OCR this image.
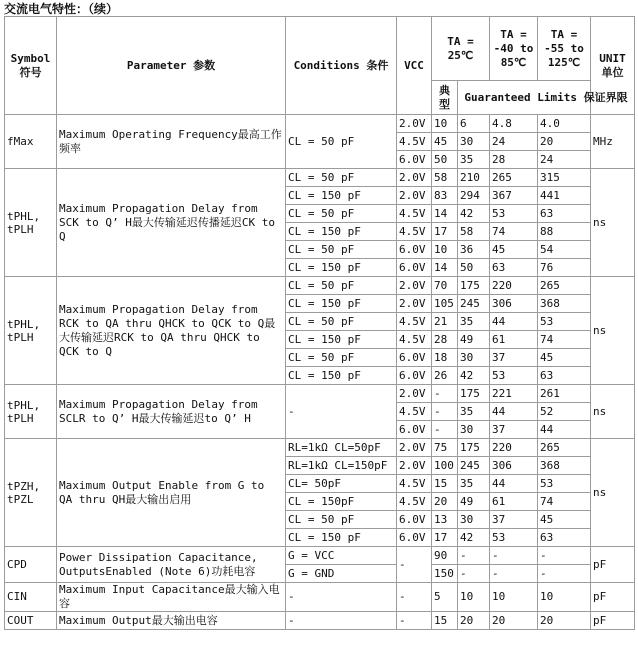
交流电气特性：（续）
Symbol 符号	Parameter 参数	Conditions 条件	VCC	TA = 25℃		TA = -40 to 85℃	TA = -55 to 125℃	UNIT 单位
				典型	Guaranteed Limits 保证界限			
fMax	Maximum Operating Frequency最高工作频率	CL = 50 pF	2.0V	10	6	4.8	4.0	MHz
			4.5V	45	30	24	20	
			6.0V	50	35	28	24	
tPHL, tPLH	Maximum Propagation Delay from SCK to Q’ H最大传输延迟传播延迟CK to Q	CL = 50 pF	2.0V	58	210	265	315	ns
		CL = 150 pF	2.0V	83	294	367	441	
		CL = 50 pF	4.5V	14	42	53	63	
		CL = 150 pF	4.5V	17	58	74	88	
		CL = 50 pF	6.0V	10	36	45	54	
		CL = 150 pF	6.0V	14	50	63	76	
tPHL, tPLH	Maximum Propagation Delay from RCK to QA thru QHCK to QCK to Q最大传输延迟RCK to QA thru QHCK to QCK to Q	CL = 50 pF	2.0V	70	175	220	265	ns
		CL = 150 pF	2.0V	105	245	306	368	
		CL = 50 pF	4.5V	21	35	44	53	
		CL = 150 pF	4.5V	28	49	61	74	
		CL = 50 pF	6.0V	18	30	37	45	
		CL = 150 pF	6.0V	26	42	53	63	
tPHL, tPLH	Maximum Propagation Delay from SCLR to Q’ H最大传输延迟to Q’ H	-	2.0V	-	175	221	261	ns
			4.5V	-	35	44	52	
			6.0V	-	30	37	44	
tPZH, tPZL	Maximum Output Enable from G to QA thru QH最大输出启用	RL=1kΩ CL=50pF	2.0V	75	175	220	265	ns
		RL=1kΩ CL=150pF	2.0V	100	245	306	368	
		CL= 50pF	4.5V	15	35	44	53	
		CL = 150pF	4.5V	20	49	61	74	
		CL = 50 pF	6.0V	13	30	37	45	
		CL = 150 pF	6.0V	17	42	53	63	
CPD	Power Dissipation Capacitance, OutputsEnabled (Note 6)功耗电容	G = VCC	-	90	-	-	-	pF
		G = GND		150	-	-	-	
CIN	Maximum Input Capacitance最大输入电容	-	-	5	10	10	10	pF
COUT	Maximum Output最大输出电容	-	-	15	20	20	20	pF
